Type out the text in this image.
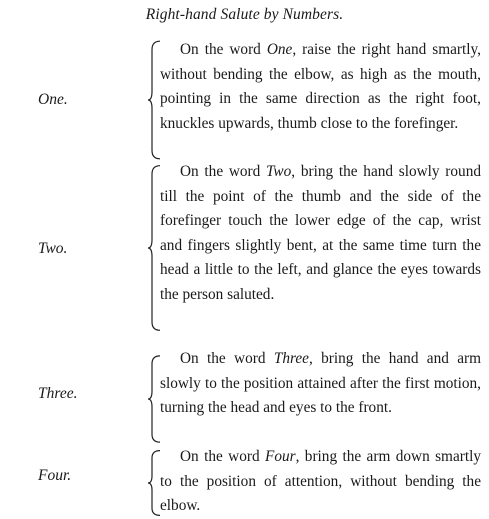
Right-hand Salute by Numbers.
One.
On the word One, raise the right hand smartly, without bending the elbow, as high as the mouth, pointing in the same direction as the right foot, knuckles upwards, thumb close to the forefinger.
Two.
On the word Two, bring the hand slowly round till the point of the thumb and the side of the forefinger touch the lower edge of the cap, wrist and fingers slightly bent, at the same time turn the head a little to the left, and glance the eyes towards the person saluted.
Three.
On the word Three, bring the hand and arm slowly to the position attained after the first motion, turning the head and eyes to the front.
Four.
On the word Four, bring the arm down smartly to the position of attention, without bending the elbow.
